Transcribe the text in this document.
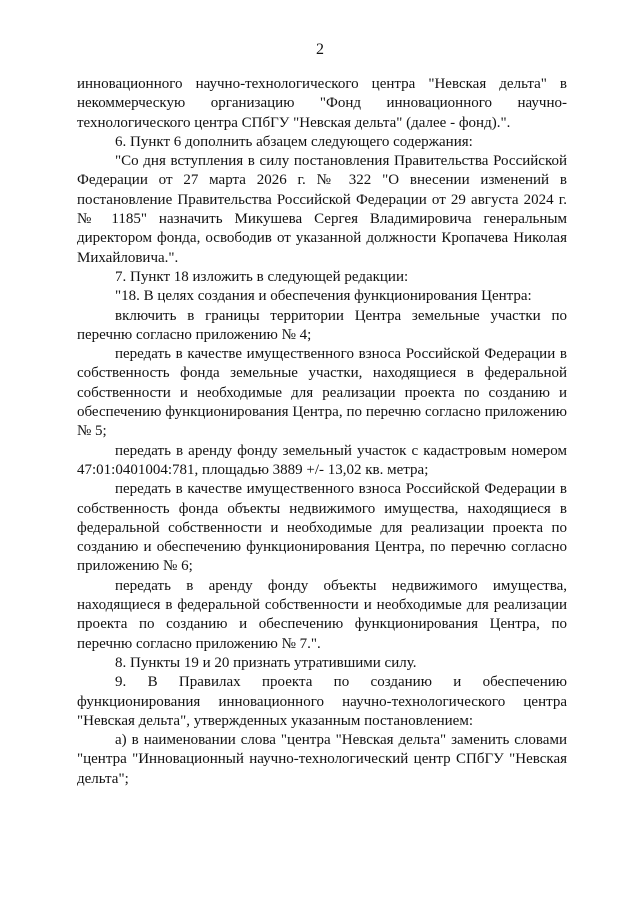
2

инновационного научно-технологического центра "Невская дельта" в некоммерческую организацию "Фонд инновационного научно-технологического центра СПбГУ "Невская дельта" (далее - фонд).".

6. Пункт 6 дополнить абзацем следующего содержания:

"Со дня вступления в силу постановления Правительства Российской Федерации от 27 марта 2026 г. № 322 "О внесении изменений в постановление Правительства Российской Федерации от 29 августа 2024 г. № 1185" назначить Микушева Сергея Владимировича генеральным директором фонда, освободив от указанной должности Кропачева Николая Михайловича.".

7. Пункт 18 изложить в следующей редакции:

"18. В целях создания и обеспечения функционирования Центра:

включить в границы территории Центра земельные участки по перечню согласно приложению № 4;

передать в качестве имущественного взноса Российской Федерации в собственность фонда земельные участки, находящиеся в федеральной собственности и необходимые для реализации проекта по созданию и обеспечению функционирования Центра, по перечню согласно приложению № 5;

передать в аренду фонду земельный участок с кадастровым номером 47:01:0401004:781, площадью 3889 +/- 13,02 кв. метра;

передать в качестве имущественного взноса Российской Федерации в собственность фонда объекты недвижимого имущества, находящиеся в федеральной собственности и необходимые для реализации проекта по созданию и обеспечению функционирования Центра, по перечню согласно приложению № 6;

передать в аренду фонду объекты недвижимого имущества, находящиеся в федеральной собственности и необходимые для реализации проекта по созданию и обеспечению функционирования Центра, по перечню согласно приложению № 7.".

8. Пункты 19 и 20 признать утратившими силу.

9. В Правилах проекта по созданию и обеспечению функционирования инновационного научно-технологического центра "Невская дельта", утвержденных указанным постановлением:

а) в наименовании слова "центра "Невская дельта" заменить словами "центра "Инновационный научно-технологический центр СПбГУ "Невская дельта";
